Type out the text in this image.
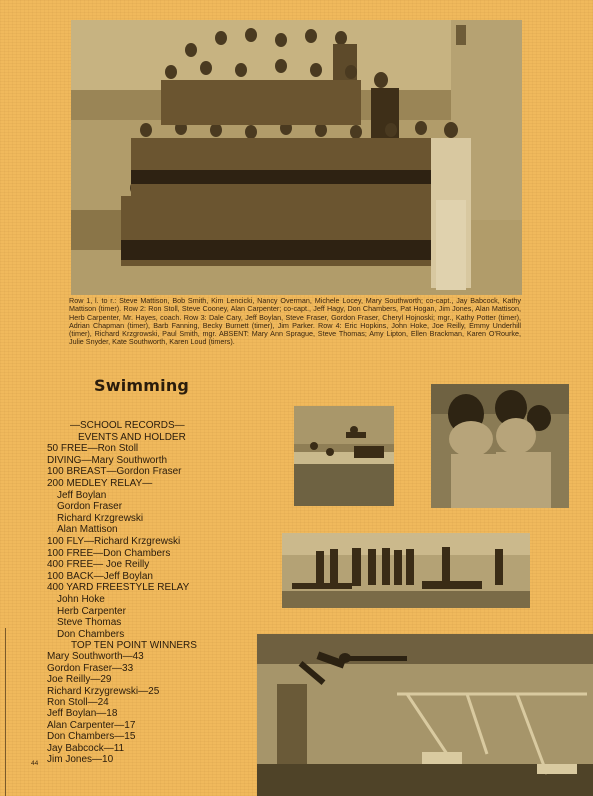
Row 1, l. to r.: Steve Mattison, Bob Smith, Kim Lencicki, Nancy Overman, Michele Locey, Mary Southworth; co-capt., Jay Babcock, Kathy Mattison (timer). Row 2: Ron Stoll, Steve Cooney, Alan Carpenter; co-capt., Jeff Hagy, Don Chambers, Pat Hogan, Jim Jones, Alan Mattison, Herb Carpenter, Mr. Hayes, coach. Row 3: Dale Cary, Jeff Boylan, Steve Fraser, Gordon Fraser, Cheryl Hojnoski; mgr., Kathy Potter (timer), Adrian Chapman (timer), Barb Fanning, Becky Burnett (timer), Jim Parker. Row 4: Eric Hopkins, John Hoke, Joe Reilly, Emmy Underhill (timer), Richard Krzgrowski, Paul Smith, mgr. ABSENT: Mary Ann Sprague, Steve Thomas; Amy Lipton, Ellen Brackman, Karen O'Rourke, Julie Snyder, Kate Southworth, Karen Loud (timers).
Swimming
—SCHOOL RECORDS—
EVENTS AND HOLDER
50 FREE—Ron Stoll
DIVING—Mary Southworth
100 BREAST—Gordon Fraser
200 MEDLEY RELAY—
Jeff Boylan
Gordon Fraser
Richard Krzgrewski
Alan Mattison
100 FLY—Richard Krzgrewski
100 FREE—Don Chambers
400 FREE— Joe Reilly
100 BACK—Jeff Boylan
400 YARD FREESTYLE RELAY
John Hoke
Herb Carpenter
Steve Thomas
Don Chambers
TOP TEN POINT WINNERS
Mary Southworth—43
Gordon Fraser—33
Joe Reilly—29
Richard Krzygrewski—25
Ron Stoll—24
Jeff Boylan—18
Alan Carpenter—17
Don Chambers—15
Jay Babcock—11
Jim Jones—10
44
